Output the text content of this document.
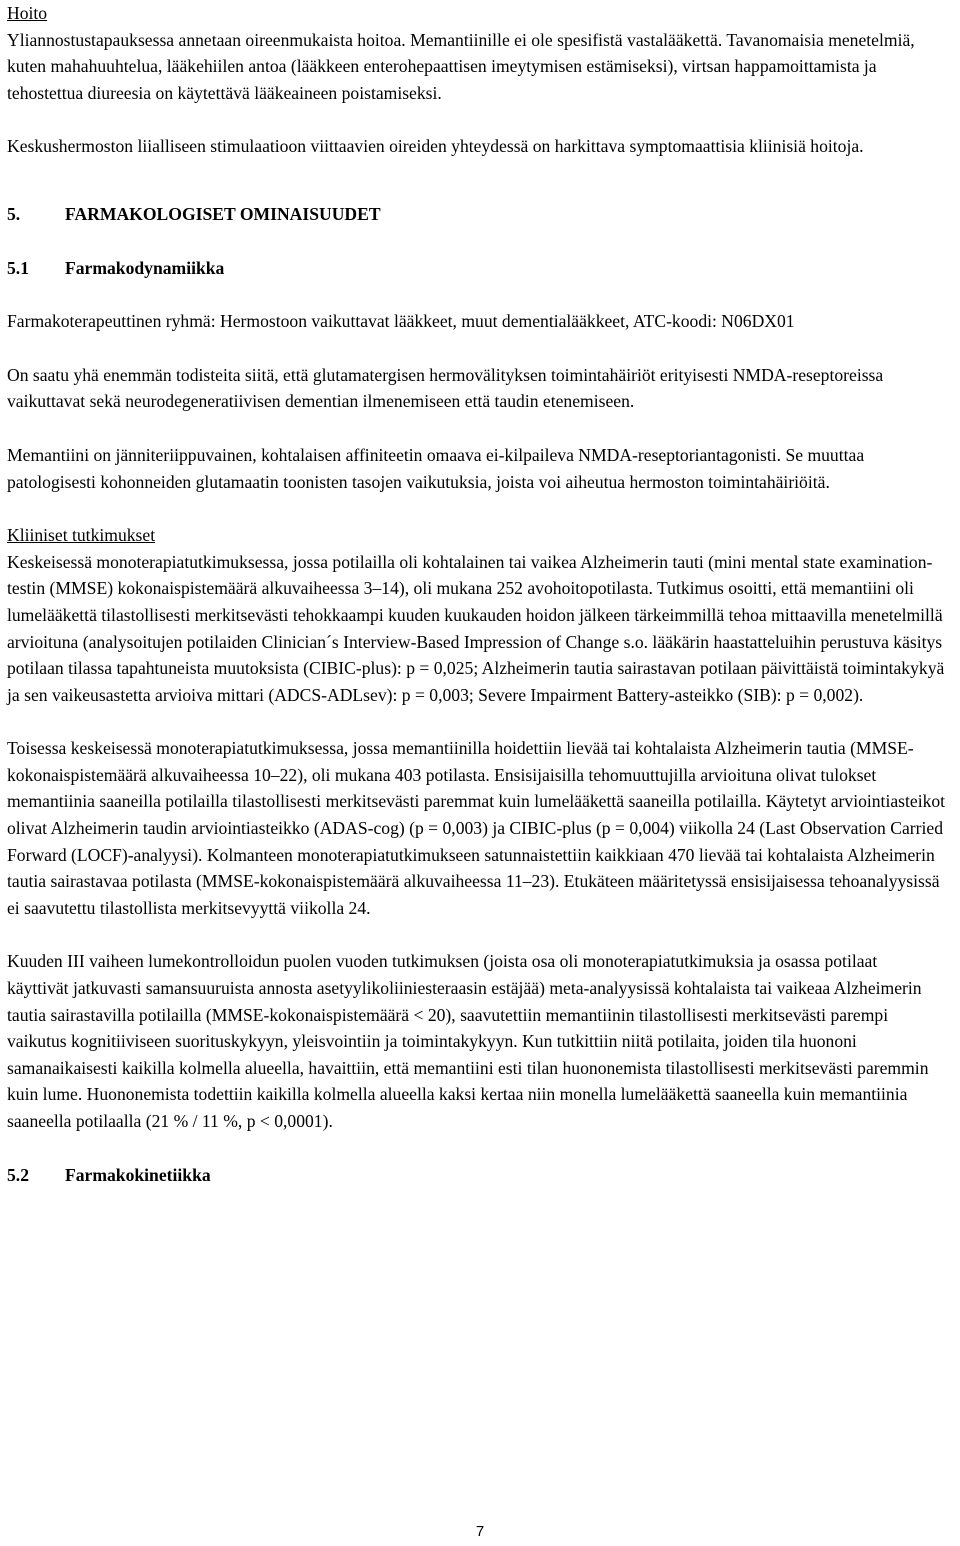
Hoito

Yliannostustapauksessa annetaan oireenmukaista hoitoa. Memantiinille ei ole spesifistä vastalääkettä. Tavanomaisia menetelmiä, kuten mahahuuhtelua, lääkehiilen antoa (lääkkeen enterohepaattisen imeytymisen estämiseksi), virtsan happamoittamista ja tehostettua diureesia on käytettävä lääkeaineen poistamiseksi.

Keskushermoston liialliseen stimulaatioon viittaavien oireiden yhteydessä on harkittava symptomaattisia kliinisiä hoitoja.

5.	FARMAKOLOGISET OMINAISUUDET
5.1	Farmakodynamiikka

Farmakoterapeuttinen ryhmä: Hermostoon vaikuttavat lääkkeet, muut dementialääkkeet, ATC-koodi: N06DX01

On saatu yhä enemmän todisteita siitä, että glutamatergisen hermovälityksen toimintahäiriöt erityisesti NMDA-reseptoreissa vaikuttavat sekä neurodegeneratiivisen dementian ilmenemiseen että taudin etenemiseen.

Memantiini on jänniteriippuvainen, kohtalaisen affiniteetin omaava ei-kilpaileva NMDA-reseptoriantagonisti. Se muuttaa patologisesti kohonneiden glutamaatin toonisten tasojen vaikutuksia, joista voi aiheutua hermoston toimintahäiriöitä.

Kliiniset tutkimukset

Keskeisessä monoterapiatutkimuksessa, jossa potilailla oli kohtalainen tai vaikea Alzheimerin tauti (mini mental state examination-testin (MMSE) kokonaispistemäärä alkuvaiheessa 3–14), oli mukana 252 avohoitopotilasta. Tutkimus osoitti, että memantiini oli lumelääkettä tilastollisesti merkitsevästi tehokkaampi kuuden kuukauden hoidon jälkeen tärkeimmillä tehoa mittaavilla menetelmillä arvioituna (analysoitujen potilaiden Clinician´s Interview-Based Impression of Change s.o. lääkärin haastatteluihin perustuva käsitys potilaan tilassa tapahtuneista muutoksista (CIBIC-plus): p = 0,025; Alzheimerin tautia sairastavan potilaan päivittäistä toimintakykyä ja sen vaikeusastetta arvioiva mittari (ADCS-ADLsev): p = 0,003; Severe Impairment Battery-asteikko (SIB): p = 0,002).

Toisessa keskeisessä monoterapiatutkimuksessa, jossa memantiinilla hoidettiin lievää tai kohtalaista Alzheimerin tautia (MMSE-kokonaispistemäärä alkuvaiheessa 10–22), oli mukana 403 potilasta. Ensisijaisilla tehomuuttujilla arvioituna olivat tulokset memantiinia saaneilla potilailla tilastollisesti merkitsevästi paremmat kuin lumelääkettä saaneilla potilailla. Käytetyt arviointiasteikot olivat Alzheimerin taudin arviointiasteikko (ADAS-cog) (p = 0,003) ja CIBIC-plus (p = 0,004) viikolla 24 (Last Observation Carried Forward (LOCF)-analyysi). Kolmanteen monoterapiatutkimukseen satunnaistettiin kaikkiaan 470 lievää tai kohtalaista Alzheimerin tautia sairastavaa potilasta (MMSE-kokonaispistemäärä alkuvaiheessa 11–23). Etukäteen määritetyssä ensisijaisessa tehoanalyysissä ei saavutettu tilastollista merkitsevyyttä viikolla 24.

Kuuden III vaiheen lumekontrolloidun puolen vuoden tutkimuksen (joista osa oli monoterapiatutkimuksia ja osassa potilaat käyttivät jatkuvasti samansuuruista annosta asetyylikoliiniesteraasin estäjää) meta-analyysissä kohtalaista tai vaikeaa Alzheimerin tautia sairastavilla potilailla (MMSE-kokonaispistemäärä < 20), saavutettiin memantiinin tilastollisesti merkitsevästi parempi vaikutus kognitiiviseen suorituskykyyn, yleisvointiin ja toimintakykyyn. Kun tutkittiin niitä potilaita, joiden tila huononi samanaikaisesti kaikilla kolmella alueella, havaittiin, että memantiini esti tilan huononemista tilastollisesti merkitsevästi paremmin kuin lume. Huononemista todettiin kaikilla kolmella alueella kaksi kertaa niin monella lumelääkettä saaneella kuin memantiinia saaneella potilaalla (21 % / 11 %, p < 0,0001).

5.2	Farmakokinetiikka
7
